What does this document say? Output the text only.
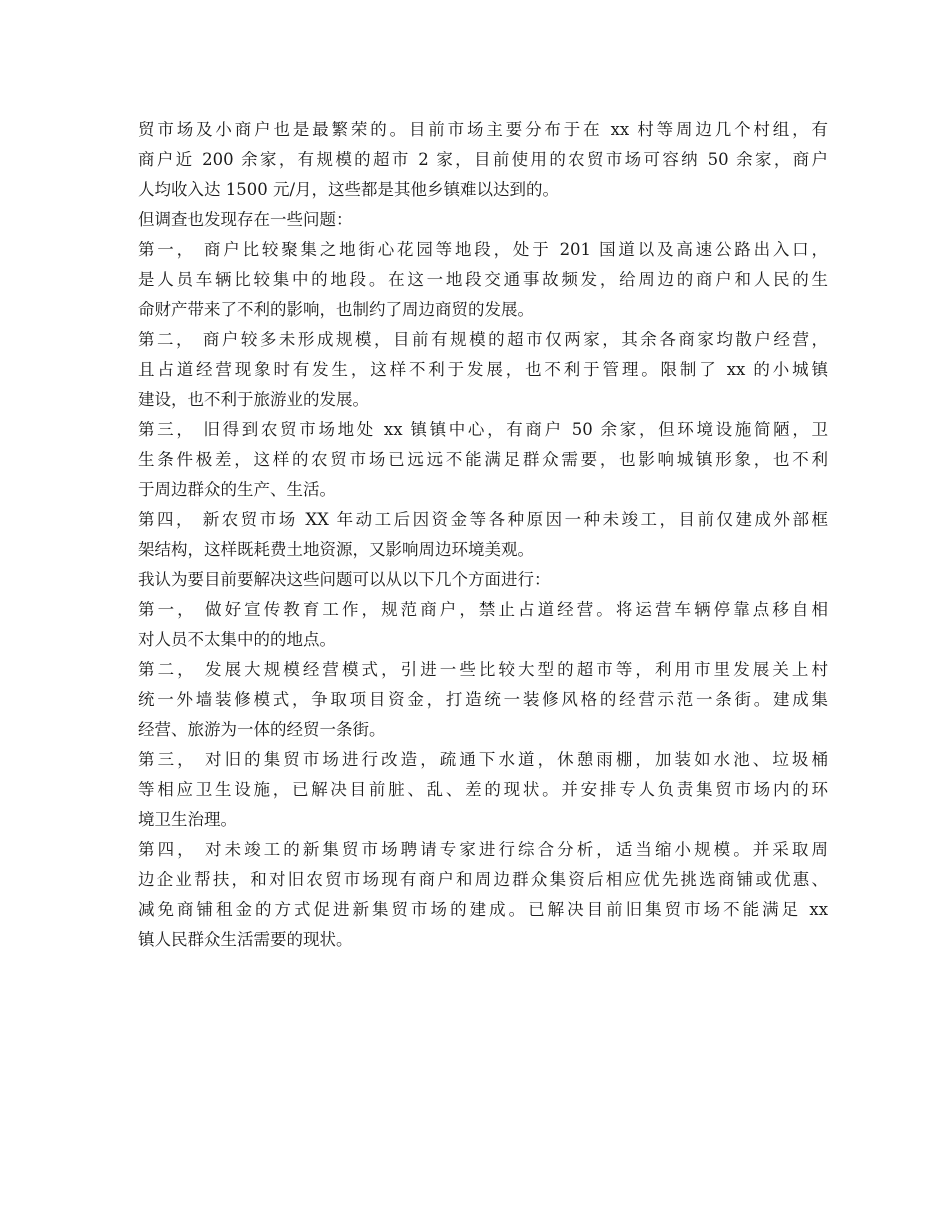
贸市场及小商户也是最繁荣的。目前市场主要分布于在 xx 村等周边几个村组，有
商户近 200 余家，有规模的超市 2 家，目前使用的农贸市场可容纳 50 余家，商户
人均收入达 1500 元/月，这些都是其他乡镇难以达到的。
但调查也发现存在一些问题：
第一， 商户比较聚集之地街心花园等地段，处于 201 国道以及高速公路出入口，
是人员车辆比较集中的地段。在这一地段交通事故频发，给周边的商户和人民的生
命财产带来了不利的影响，也制约了周边商贸的发展。
第二， 商户较多未形成规模，目前有规模的超市仅两家，其余各商家均散户经营，
且占道经营现象时有发生，这样不利于发展，也不利于管理。限制了 xx 的小城镇
建设，也不利于旅游业的发展。
第三， 旧得到农贸市场地处 xx 镇镇中心，有商户 50 余家，但环境设施简陋，卫
生条件极差，这样的农贸市场已远远不能满足群众需要，也影响城镇形象，也不利
于周边群众的生产、生活。
第四， 新农贸市场 XX 年动工后因资金等各种原因一种未竣工，目前仅建成外部框
架结构，这样既耗费土地资源，又影响周边环境美观。
我认为要目前要解决这些问题可以从以下几个方面进行：
第一， 做好宣传教育工作，规范商户，禁止占道经营。将运营车辆停靠点移自相
对人员不太集中的的地点。
第二， 发展大规模经营模式，引进一些比较大型的超市等，利用市里发展关上村
统一外墙装修模式，争取项目资金，打造统一装修风格的经营示范一条街。建成集
经营、旅游为一体的经贸一条街。
第三， 对旧的集贸市场进行改造，疏通下水道，休憩雨棚，加装如水池、垃圾桶
等相应卫生设施，已解决目前脏、乱、差的现状。并安排专人负责集贸市场内的环
境卫生治理。
第四， 对未竣工的新集贸市场聘请专家进行综合分析，适当缩小规模。并采取周
边企业帮扶，和对旧农贸市场现有商户和周边群众集资后相应优先挑选商铺或优惠、
减免商铺租金的方式促进新集贸市场的建成。已解决目前旧集贸市场不能满足 xx
镇人民群众生活需要的现状。
